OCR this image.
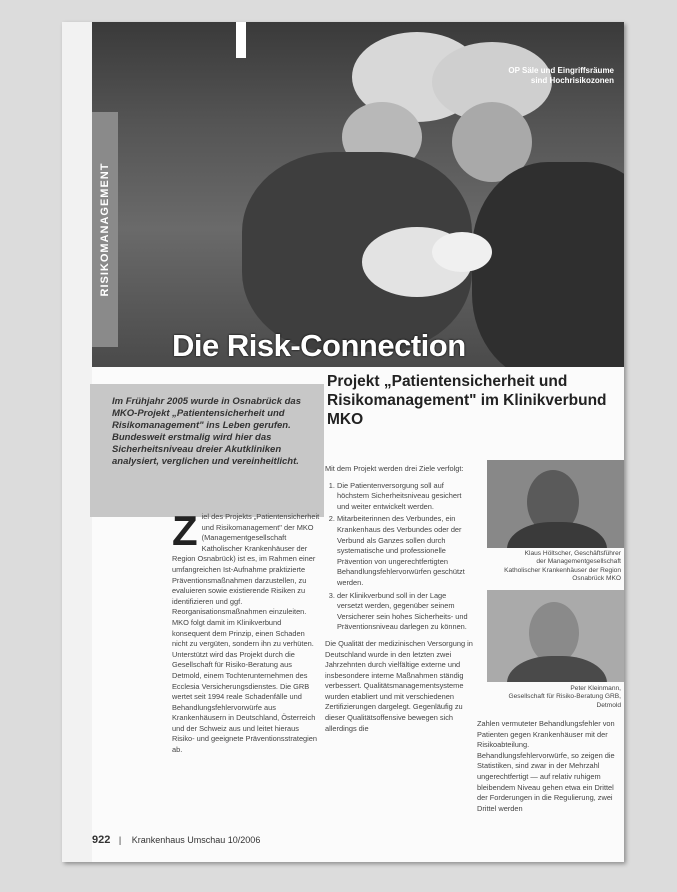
OP Säle und Eingriffsräume
sind Hochrisikozonen
RISIKOMANAGEMENT
Die Risk-Connection
Im Frühjahr 2005 wurde in Osnabrück das MKO-Projekt „Patientensicherheit und Risikomanagement" ins Leben gerufen. Bundesweit erstmalig wird hier das Sicherheitsniveau dreier Akutkliniken analysiert, verglichen und vereinheitlicht.
Projekt „Patientensicherheit und Risikomanagement" im Klinikverbund MKO
Z iel des Projekts „Patientensicherheit und Risikomanagement" der MKO (Managementgesellschaft Katholischer Krankenhäuser der Region Osnabrück) ist es, im Rahmen einer umfangreichen Ist-Aufnahme praktizierte Präventionsmaßnahmen darzustellen, zu evaluieren sowie existierende Risiken zu identifizieren und ggf. Reorganisationsmaßnahmen einzuleiten. MKO folgt damit im Klinikverbund konsequent dem Prinzip, einen Schaden nicht zu vergüten, sondern ihn zu verhüten. Unterstützt wird das Projekt durch die Gesellschaft für Risiko-Beratung aus Detmold, einem Tochterunternehmen des Ecclesia Versicherungsdienstes. Die GRB wertet seit 1994 reale Schadenfälle und Behandlungsfehlervorwürfe aus Krankenhäusern in Deutschland, Österreich und der Schweiz aus und leitet hieraus Risiko- und geeignete Präventionsstrategien ab.

Mit dem Projekt werden drei Ziele verfolgt:

1. Die Patientenversorgung soll auf höchstem Sicherheitsniveau gesichert und weiter entwickelt werden.
2. Mitarbeiterinnen des Verbundes, ein Krankenhaus des Verbundes oder der Verbund als Ganzes sollen durch systematische und professionelle Prävention von ungerechtfertigten Behandlungsfehlervorwürfen geschützt werden.
3. der Klinikverbund soll in der Lage versetzt werden, gegenüber seinem Versicherer sein hohes Sicherheits- und Präventionsniveau darlegen zu können.

Die Qualität der medizinischen Versorgung in Deutschland wurde in den letzten zwei Jahrzehnten durch vielfältige externe und insbesondere interne Maßnahmen ständig verbessert. Qualitätsmanagementsysteme wurden etabliert und mit verschiedenen Zertifizierungen dargelegt. Gegenläufig zu dieser Qualitätsoffensive bewegen sich allerdings die

Klaus Höltscher, Geschäftsführer
der Managementgesellschaft
Katholischer Krankenhäuser der Region
Osnabrück MKO
Peter Kleinmann,
Gesellschaft für Risiko-Beratung GRB,
Detmold
Zahlen vermuteter Behandlungsfehler von Patienten gegen Krankenhäuser mit der Risikoabteilung. Behandlungsfehlervorwürfe, so zeigen die Statistiken, sind zwar in der Mehrzahl ungerechtfertigt — auf relativ ruhigem bleibendem Niveau gehen etwa ein Drittel der Forderungen in die Regulierung, zwei Drittel werden
922 | Krankenhaus Umschau 10/2006
